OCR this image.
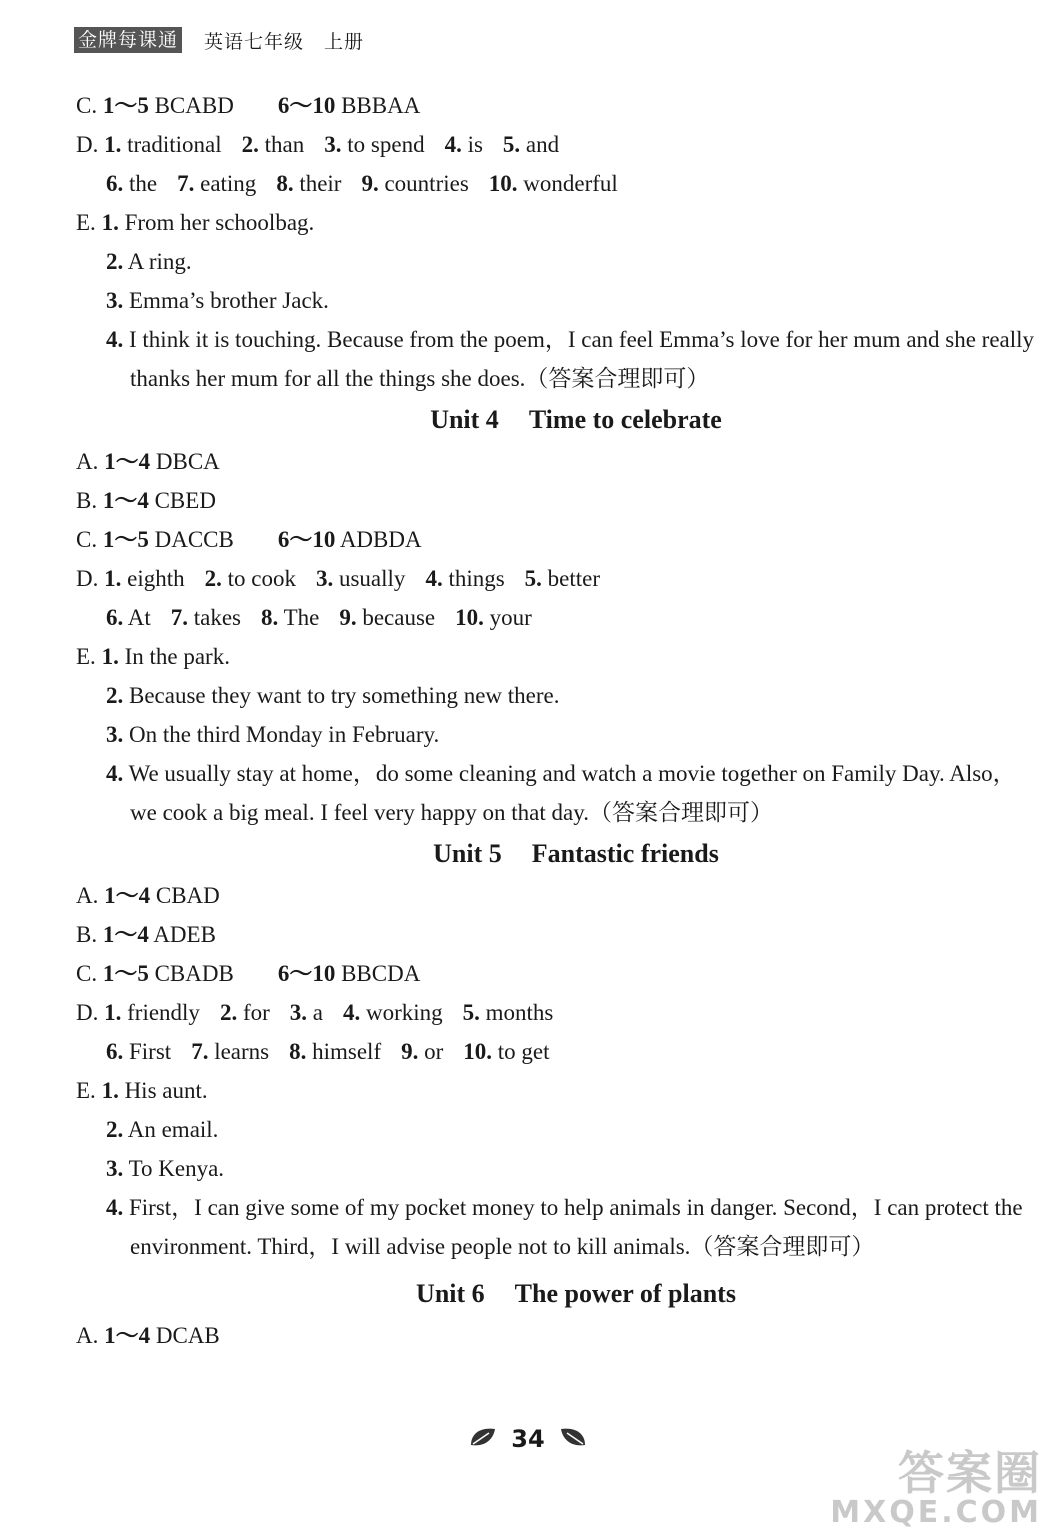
金牌每课通 英语七年级　上册
C. 1～5 BCABD 6～10 BBBAA
D. 1. traditional 2. than 3. to spend 4. is 5. and
6. the 7. eating 8. their 9. countries 10. wonderful
E. 1. From her schoolbag.
2. A ring.
3. Emma’s brother Jack.
4. I think it is touching. Because from the poem，I can feel Emma’s love for her mum and she really thanks her mum for all the things she does.（答案合理即可）
Unit 4 Time to celebrate
A. 1～4 DBCA
B. 1～4 CBED
C. 1～5 DACCB 6～10 ADBDA
D. 1. eighth 2. to cook 3. usually 4. things 5. better
6. At 7. takes 8. The 9. because 10. your
E. 1. In the park.
2. Because they want to try something new there.
3. On the third Monday in February.
4. We usually stay at home，do some cleaning and watch a movie together on Family Day. Also，we cook a big meal. I feel very happy on that day.（答案合理即可）
Unit 5 Fantastic friends
A. 1～4 CBAD
B. 1～4 ADEB
C. 1～5 CBADB 6～10 BBCDA
D. 1. friendly 2. for 3. a 4. working 5. months
6. First 7. learns 8. himself 9. or 10. to get
E. 1. His aunt.
2. An email.
3. To Kenya.
4. First，I can give some of my pocket money to help animals in danger. Second，I can protect the environment. Third，I will advise people not to kill animals.（答案合理即可）
Unit 6 The power of plants
A. 1～4 DCAB
34
答案圈
MXQE.COM
